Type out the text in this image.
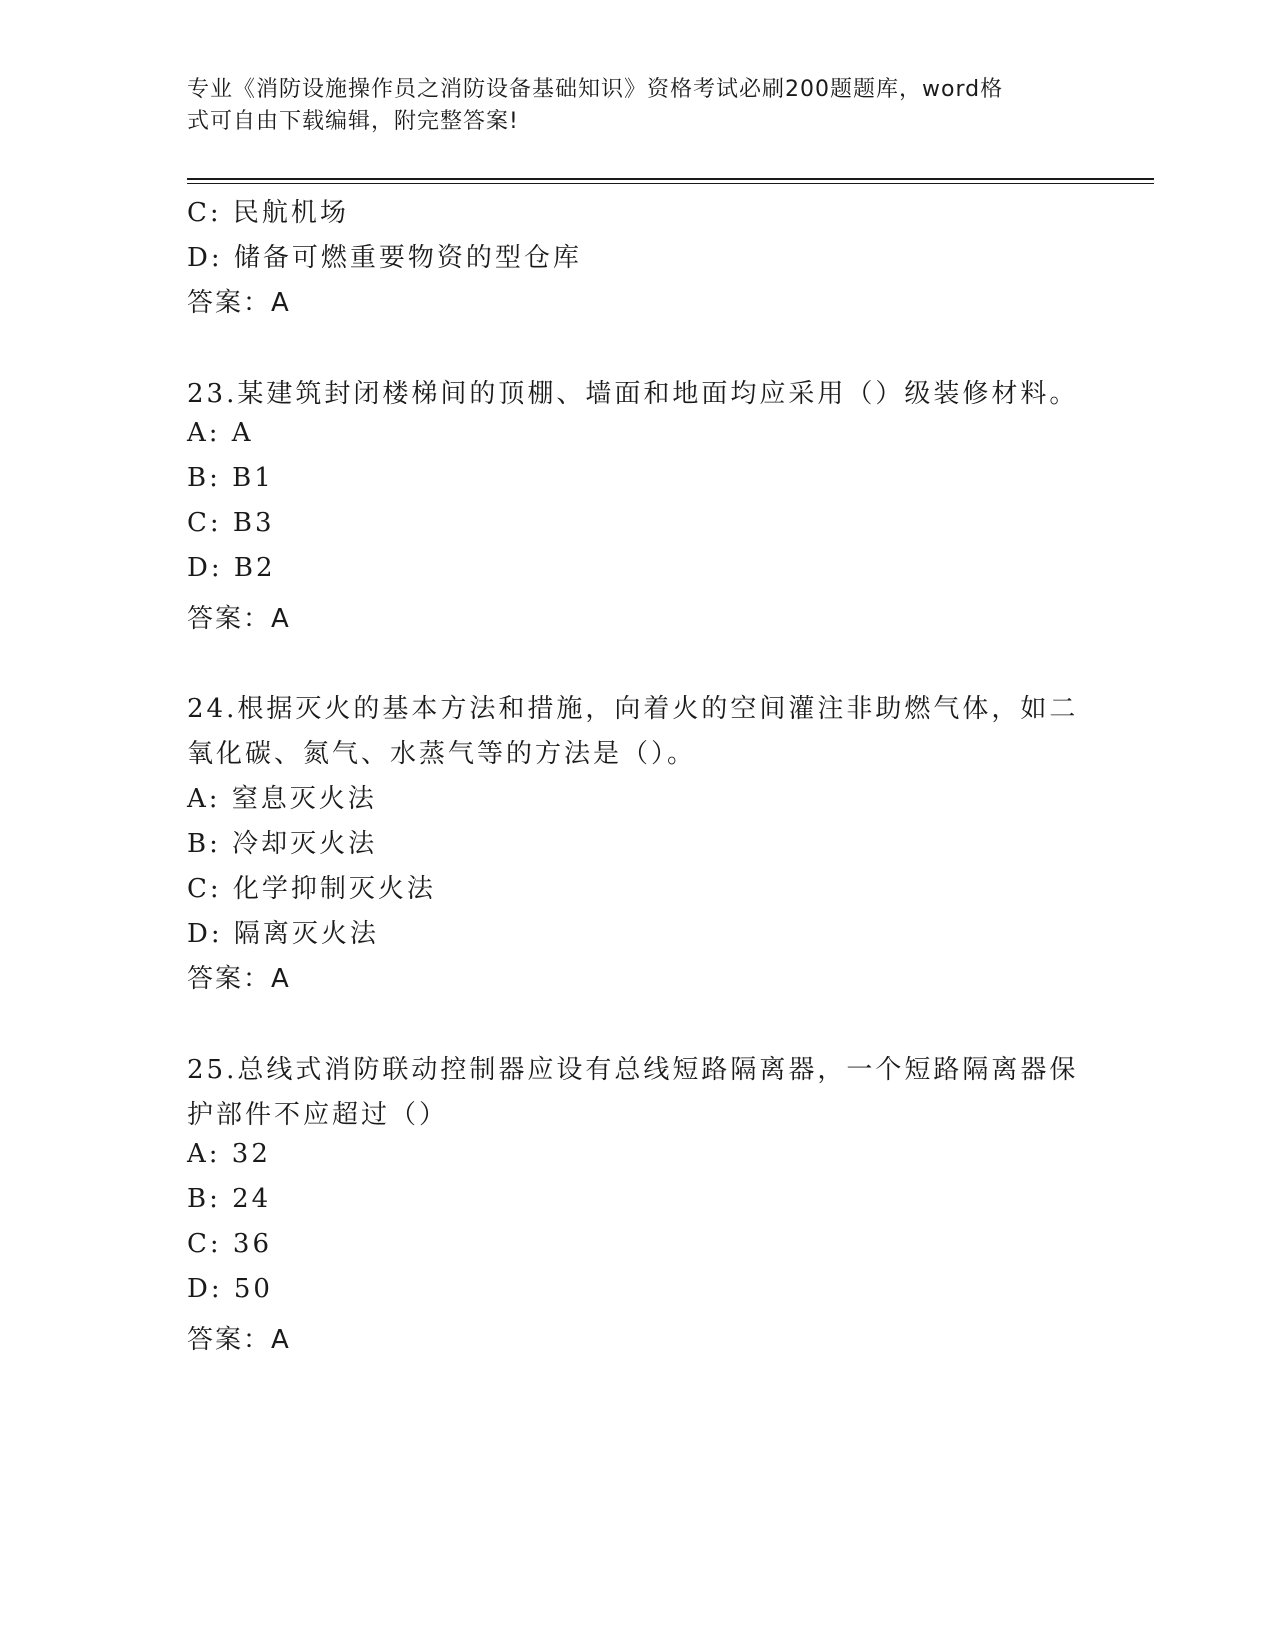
专业《消防设施操作员之消防设备基础知识》资格考试必刷200题题库，word格
式可自由下载编辑，附完整答案!
C: 民航机场
D: 储备可燃重要物资的型仓库
答案：A
23.某建筑封闭楼梯间的顶棚、墙面和地面均应采用（）级装修材料。
A: A
B: B1
C: B3
D: B2
答案：A
24.根据灭火的基本方法和措施，向着火的空间灌注非助燃气体，如二
氧化碳、氮气、水蒸气等的方法是（）。
A: 窒息灭火法
B: 冷却灭火法
C: 化学抑制灭火法
D: 隔离灭火法
答案：A
25.总线式消防联动控制器应设有总线短路隔离器，一个短路隔离器保
护部件不应超过（）
A: 32
B: 24
C: 36
D: 50
答案：A
